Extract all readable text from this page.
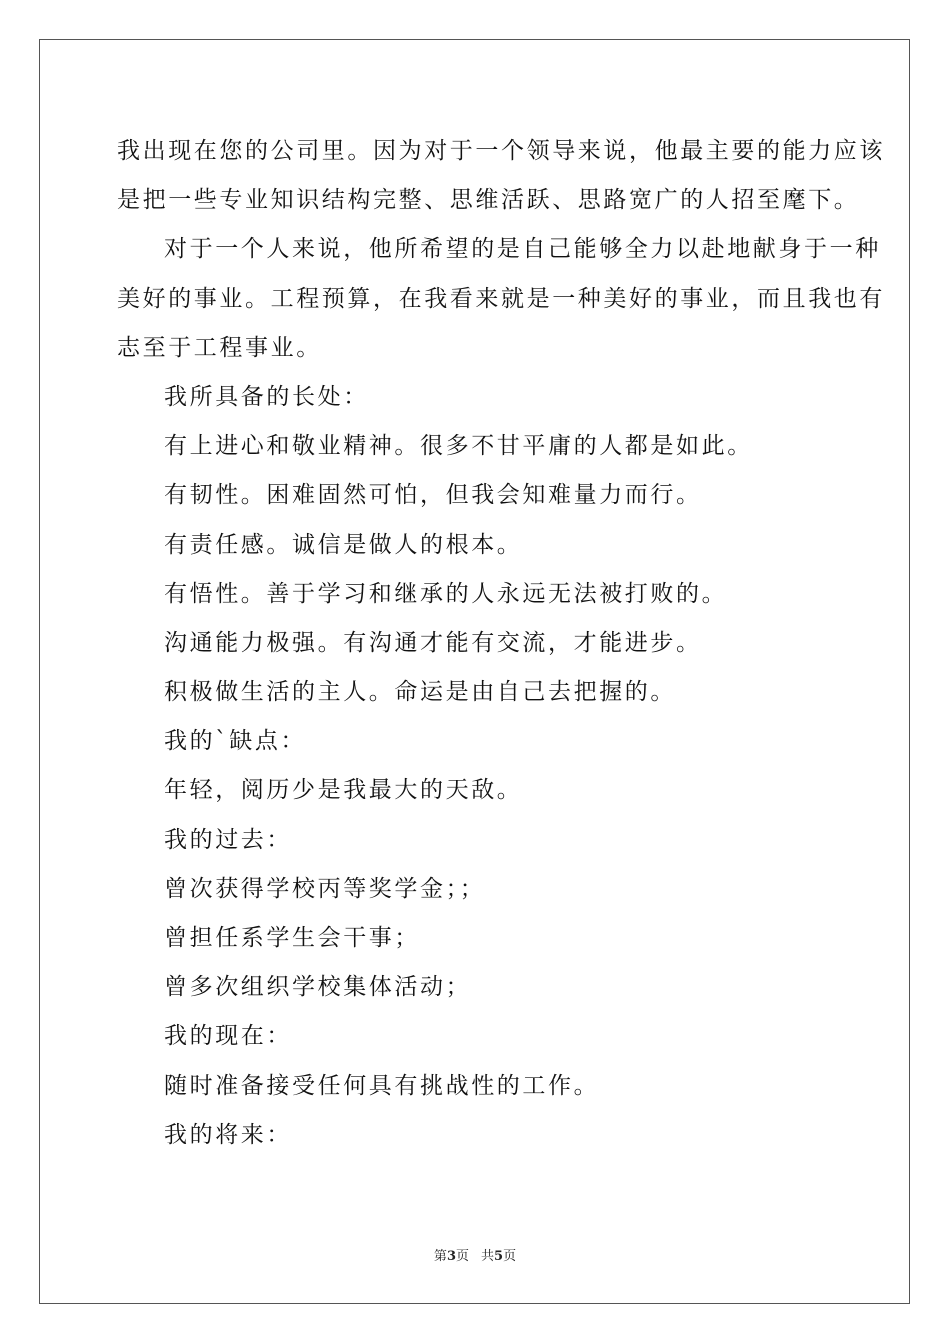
我出现在您的公司里。因为对于一个领导来说，他最主要的能力应该
是把一些专业知识结构完整、思维活跃、思路宽广的人招至麾下。
对于一个人来说，他所希望的是自己能够全力以赴地献身于一种
美好的事业。工程预算，在我看来就是一种美好的事业，而且我也有
志至于工程事业。
我所具备的长处：
有上进心和敬业精神。很多不甘平庸的人都是如此。
有韧性。困难固然可怕，但我会知难量力而行。
有责任感。诚信是做人的根本。
有悟性。善于学习和继承的人永远无法被打败的。
沟通能力极强。有沟通才能有交流，才能进步。
积极做生活的主人。命运是由自己去把握的。
我的`缺点：
年轻，阅历少是我最大的天敌。
我的过去：
曾次获得学校丙等奖学金；；
曾担任系学生会干事；
曾多次组织学校集体活动；
我的现在：
随时准备接受任何具有挑战性的工作。
我的将来：
第3页 共5页
